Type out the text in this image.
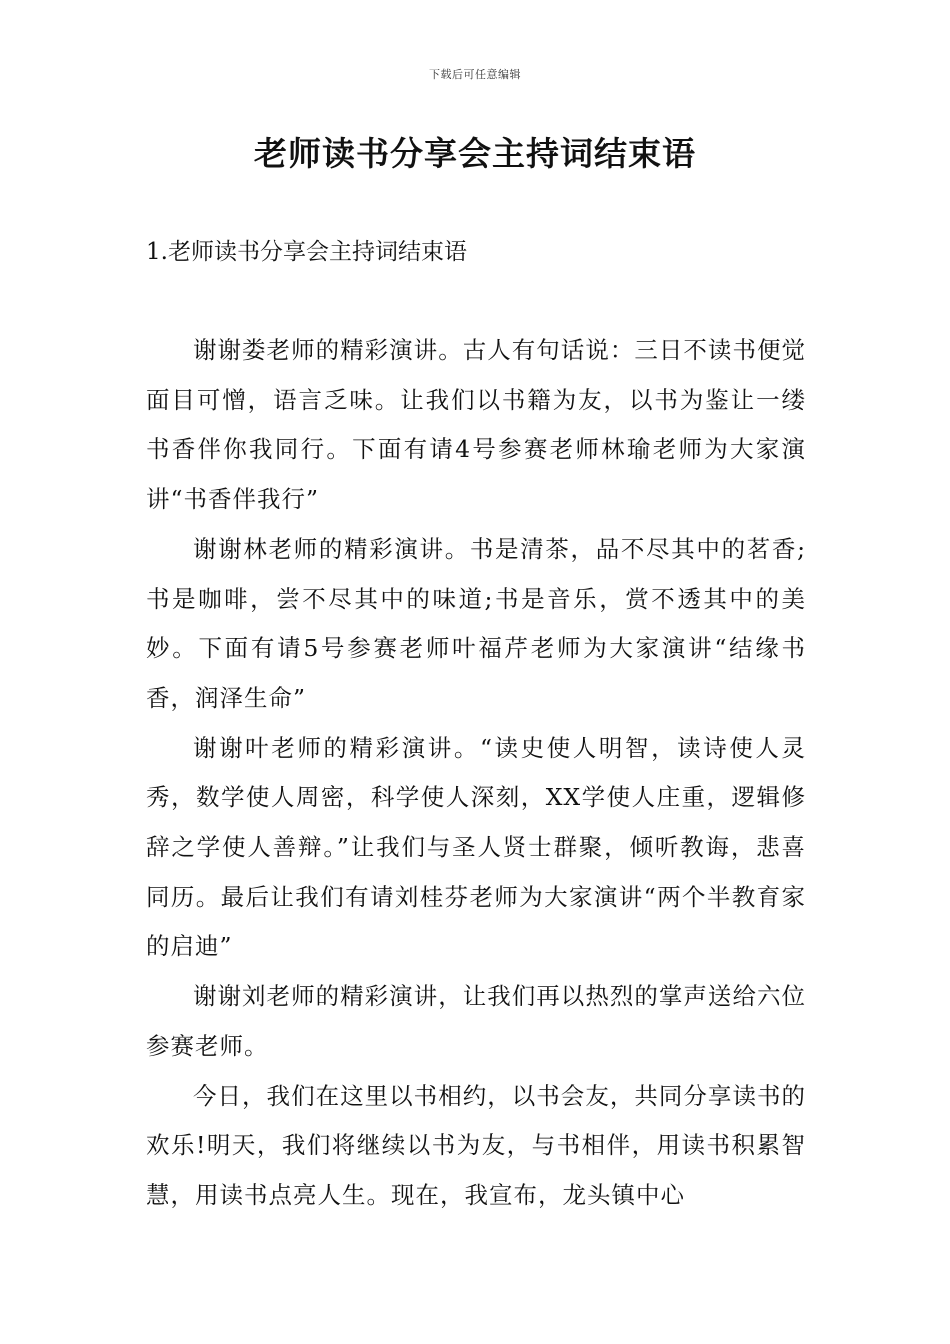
下载后可任意编辑
老师读书分享会主持词结束语
1.老师读书分享会主持词结束语

谢谢娄老师的精彩演讲。古人有句话说：三日不读书便觉面目可憎，语言乏味。让我们以书籍为友，以书为鉴让一缕书香伴你我同行。下面有请4号参赛老师林瑜老师为大家演讲“书香伴我行”

谢谢林老师的精彩演讲。书是清茶，品不尽其中的茗香;书是咖啡，尝不尽其中的味道;书是音乐，赏不透其中的美妙。下面有请5号参赛老师叶福芹老师为大家演讲“结缘书香，润泽生命”

谢谢叶老师的精彩演讲。“读史使人明智，读诗使人灵秀，数学使人周密，科学使人深刻，XX学使人庄重，逻辑修辞之学使人善辩。”让我们与圣人贤士群聚，倾听教诲，悲喜同历。最后让我们有请刘桂芬老师为大家演讲“两个半教育家的启迪”

谢谢刘老师的精彩演讲，让我们再以热烈的掌声送给六位参赛老师。

今日，我们在这里以书相约，以书会友，共同分享读书的欢乐!明天，我们将继续以书为友，与书相伴，用读书积累智慧，用读书点亮人生。现在，我宣布，龙头镇中心
